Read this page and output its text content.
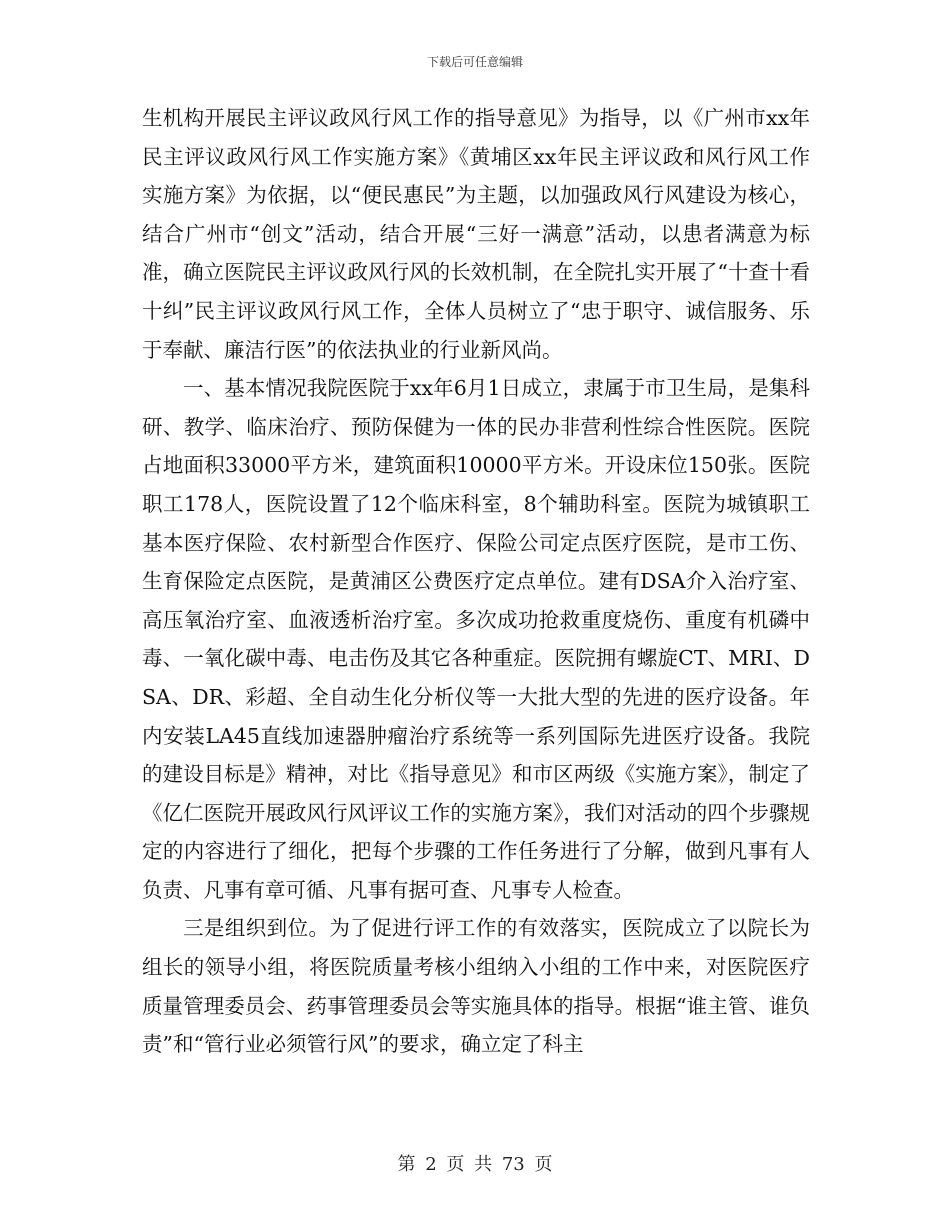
下载后可任意编辑

生机构开展民主评议政风行风工作的指导意见》为指导，以《广州市xx年民主评议政风行风工作实施方案》《黄埔区xx年民主评议政和风行风工作实施方案》为依据，以“便民惠民”为主题，以加强政风行风建设为核心，结合广州市“创文”活动，结合开展“三好一满意”活动，以患者满意为标准，确立医院民主评议政风行风的长效机制，在全院扎实开展了“十查十看十纠”民主评议政风行风工作，全体人员树立了“忠于职守、诚信服务、乐于奉献、廉洁行医”的依法执业的行业新风尚。

一、基本情况我院医院于xx年6月1日成立，隶属于市卫生局，是集科研、教学、临床治疗、预防保健为一体的民办非营利性综合性医院。医院占地面积33000平方米，建筑面积10000平方米。开设床位150张。医院职工178人，医院设置了12个临床科室，8个辅助科室。医院为城镇职工基本医疗保险、农村新型合作医疗、保险公司定点医疗医院，是市工伤、生育保险定点医院，是黄浦区公费医疗定点单位。建有DSA介入治疗室、高压氧治疗室、血液透析治疗室。多次成功抢救重度烧伤、重度有机磷中毒、一氧化碳中毒、电击伤及其它各种重症。医院拥有螺旋CT、MRI、DSA、DR、彩超、全自动生化分析仪等一大批大型的先进的医疗设备。年内安装LA45直线加速器肿瘤治疗系统等一系列国际先进医疗设备。我院的建设目标是》精神，对比《指导意见》和市区两级《实施方案》，制定了《亿仁医院开展政风行风评议工作的实施方案》，我们对活动的四个步骤规定的内容进行了细化，把每个步骤的工作任务进行了分解，做到凡事有人负责、凡事有章可循、凡事有据可查、凡事专人检查。

三是组织到位。为了促进行评工作的有效落实，医院成立了以院长为组长的领导小组，将医院质量考核小组纳入小组的工作中来，对医院医疗质量管理委员会、药事管理委员会等实施具体的指导。根据“谁主管、谁负责”和“管行业必须管行风”的要求，确立定了科主

第 2 页 共 73 页
